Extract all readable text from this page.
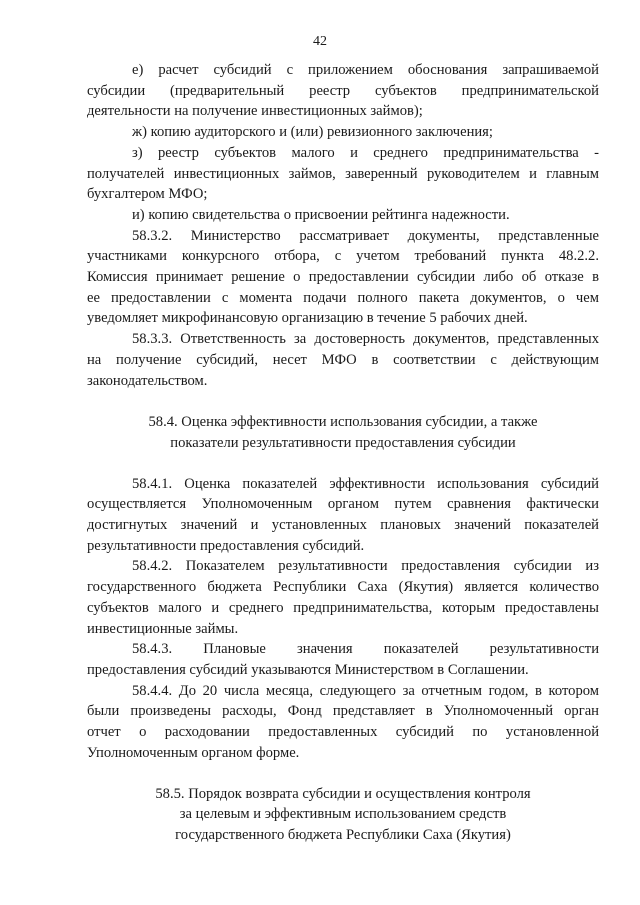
42
е) расчет субсидий с приложением обоснования запрашиваемой
субсидии (предварительный реестр субъектов предпринимательской
деятельности на получение инвестиционных займов);
ж) копию аудиторского и (или) ревизионного заключения;
з) реестр субъектов малого и среднего предпринимательства -
получателей инвестиционных займов, заверенный руководителем и главным
бухгалтером МФО;
и) копию свидетельства о присвоении рейтинга надежности.
58.3.2. Министерство рассматривает документы, представленные
участниками конкурсного отбора, с учетом требований пункта 48.2.2.
Комиссия принимает решение о предоставлении субсидии либо об отказе в
ее предоставлении с момента подачи полного пакета документов, о чем
уведомляет микрофинансовую организацию в течение 5 рабочих дней.
58.3.3. Ответственность за достоверность документов, представленных
на получение субсидий, несет МФО в соответствии с действующим
законодательством.
58.4. Оценка эффективности использования субсидии, а также
показатели результативности предоставления субсидии
58.4.1. Оценка показателей эффективности использования субсидий
осуществляется Уполномоченным органом путем сравнения фактически
достигнутых значений и установленных плановых значений показателей
результативности предоставления субсидий.
58.4.2. Показателем результативности предоставления субсидии из
государственного бюджета Республики Саха (Якутия) является количество
субъектов малого и среднего предпринимательства, которым предоставлены
инвестиционные займы.
58.4.3. Плановые значения показателей результативности
предоставления субсидий указываются Министерством в Соглашении.
58.4.4. До 20 числа месяца, следующего за отчетным годом, в котором
были произведены расходы, Фонд представляет в Уполномоченный орган
отчет о расходовании предоставленных субсидий по установленной
Уполномоченным органом форме.
58.5. Порядок возврата субсидии и осуществления контроля
за целевым и эффективным использованием средств
государственного бюджета Республики Саха (Якутия)
